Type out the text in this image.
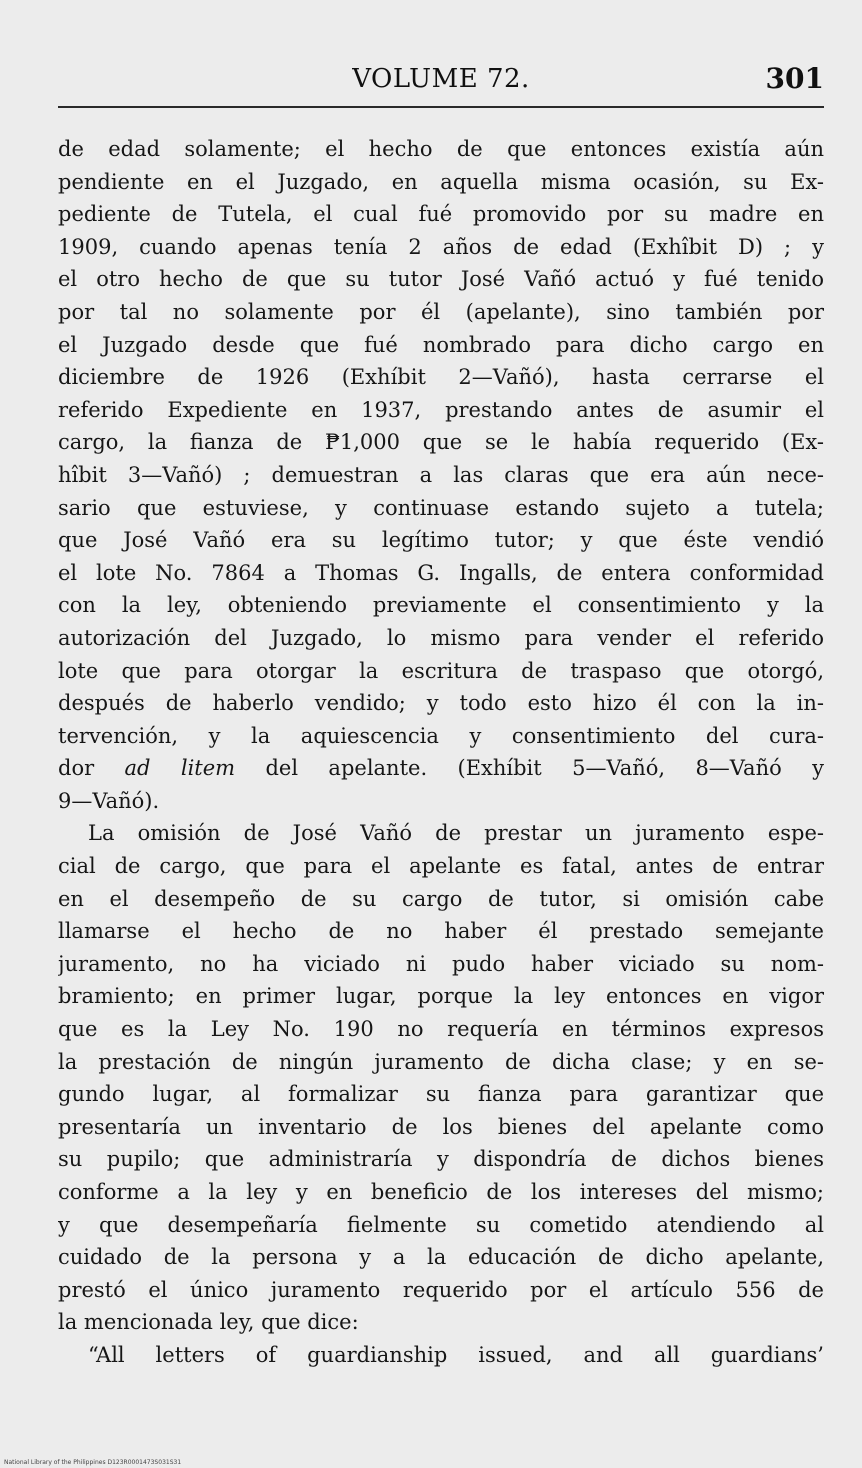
VOLUME 72.	301
de edad solamente; el hecho de que entonces existía aún
pendiente en el Juzgado, en aquella misma ocasión, su Ex-
pediente de Tutela, el cual fué promovido por su madre en
1909, cuando apenas tenía 2 años de edad (Exhîbit D) ; y
el otro hecho de que su tutor José Vañó actuó y fué tenido
por tal no solamente por él (apelante), sino también por
el Juzgado desde que fué nombrado para dicho cargo en
diciembre de 1926 (Exhíbit 2—Vañó), hasta cerrarse el
referido Expediente en 1937, prestando antes de asumir el
cargo, la fianza de ₱1,000 que se le había requerido (Ex-
hîbit 3—Vañó) ; demuestran a las claras que era aún nece-
sario que estuviese, y continuase estando sujeto a tutela;
que José Vañó era su legítimo tutor; y que éste vendió
el lote No. 7864 a Thomas G. Ingalls, de entera conformidad
con la ley, obteniendo previamente el consentimiento y la
autorización del Juzgado, lo mismo para vender el referido
lote que para otorgar la escritura de traspaso que otorgó,
después de haberlo vendido; y todo esto hizo él con la in-
tervención, y la aquiescencia y consentimiento del cura-
dor ad litem del apelante. (Exhíbit 5—Vañó, 8—Vañó y
9—Vañó).
La omisión de José Vañó de prestar un juramento espe-
cial de cargo, que para el apelante es fatal, antes de entrar
en el desempeño de su cargo de tutor, si omisión cabe
llamarse el hecho de no haber él prestado semejante
juramento, no ha viciado ni pudo haber viciado su nom-
bramiento; en primer lugar, porque la ley entonces en vigor
que es la Ley No. 190 no requería en términos expresos
la prestación de ningún juramento de dicha clase; y en se-
gundo lugar, al formalizar su fianza para garantizar que
presentaría un inventario de los bienes del apelante como
su pupilo; que administraría y dispondría de dichos bienes
conforme a la ley y en beneficio de los intereses del mismo;
y que desempeñaría fielmente su cometido atendiendo al
cuidado de la persona y a la educación de dicho apelante,
prestó el único juramento requerido por el artículo 556 de
la mencionada ley, que dice:
“All letters of guardianship issued, and all guardians’
National Library of the Philippines D123R0001473S031S31
